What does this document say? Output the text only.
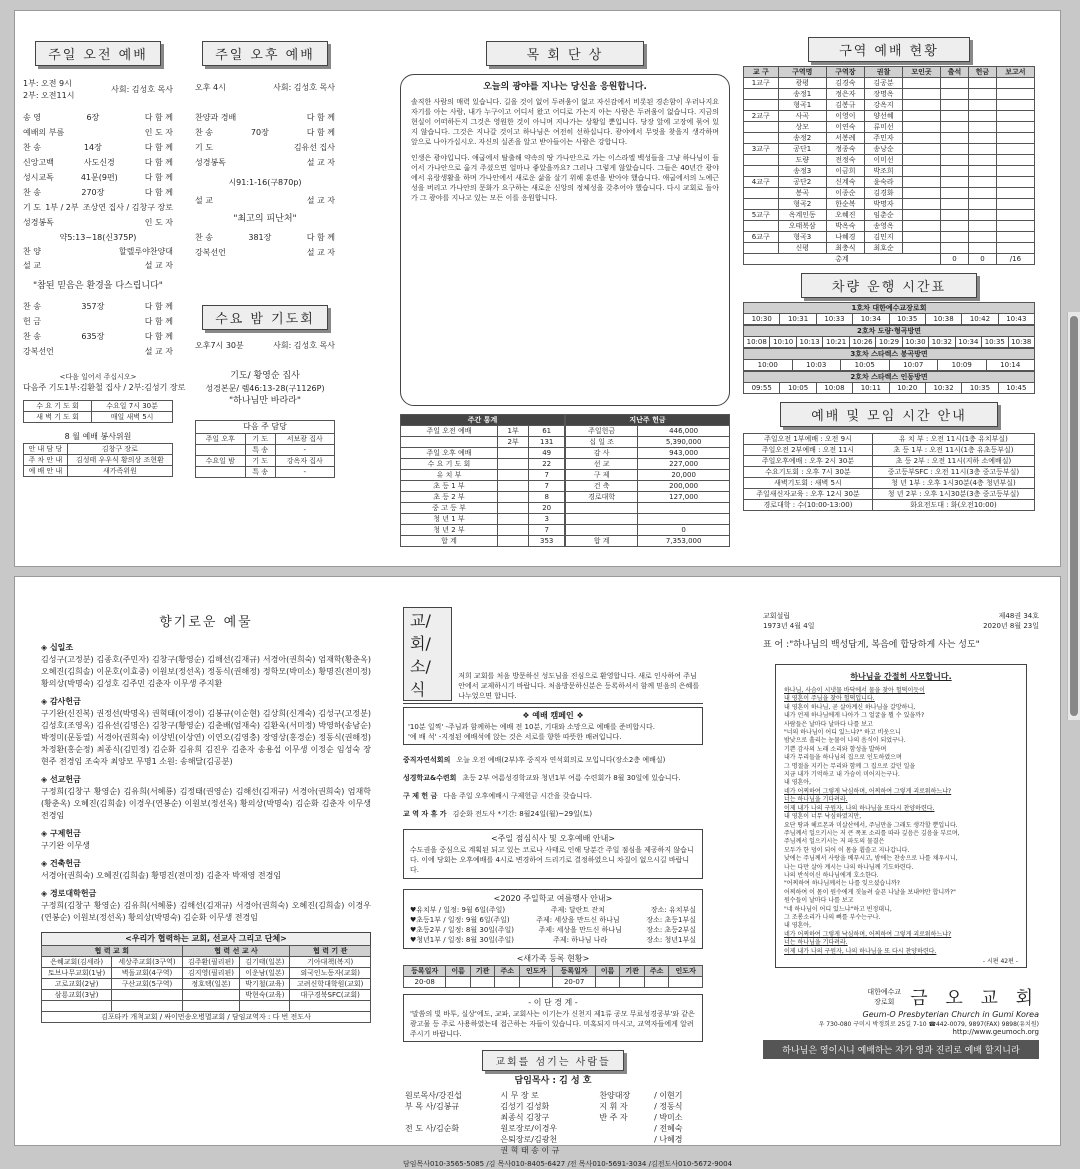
주일 오전 예배
1부: 오전 9시
2부: 오전11시
사회: 김성호 목사
송 영	6장	다 함 께
예배의 부름	인 도 자
찬 송	14장	다 함 께
신앙고백	사도신경	다 함 께
성시교독	41문(9편)	다 함 께
찬 송	270장	다 함 께
기 도 1부 / 2부 조상연 집사 / 김창구 장로
성경봉독	인 도 자
약5:13~18(신375P)
찬 양	할렐루야찬양대
설 교	설 교 자
"참된 믿음은 환경을 다스립니다"
찬 송	357장	다 함 께
헌 금	다 함 께
찬 송	635장	다 함 께
강복선언	설 교 자
<다음 일어서 주십시오>
다음주 기도 1부:김환철 집사 / 2부:김성기 장로
수 요 기 도 회	수요일 7시 30분
새 벽 기 도 회	매일 새벽 5시
8 월 예배 봉사위원
안 내 담 당	김창구 장로
주 차 안 내	김성태 우우식 황의상 조현환
예 배 안 내	새가족위원
주일 오후 예배
오후 4시	사회: 김성호 목사
찬양과 경배	다 함 께
찬 송	70장	다 함 께
기 도	김유선 집사
성경봉독	설 교 자
시91:1-16(구870p)
설 교	설 교 자
"최고의 피난처"
찬 송	381장	다 함 께
강복선언	설 교 자
수요 밤 기도회
오후7시 30분	사회: 김성호 목사
기도/ 황영순 집사
성경본문/ 렘46:13-28(구1126P)
"하나님만 바라라"
다음 주 담당
주일 오후	기 도	서보광 집사
	특 송	-
수요일 밤	기 도	강옥자 집사
	특 송	-
목 회 단 상
오늘의 광야를 지나는 당신을 응원합니다.
솔직한 사람의 매력 있습니다. 길을 것이 없어 두려움이 없고 자신감에서 비롯된 경손함이 우러나지요 자기를 아는 사람, 내가 누구이고 어디서 왔고 어디로 가는지 아는 사람은 두려움이 없습니다. 지금의 현실이 어떠하든지 그것은 영원한 것이 아니며 지나가는 상황일 뿐입니다. 당장 앞에 고장에 묶여 있지 않습니다. 그것은 지나갈 것이고 하나님은 여전히 선하십니다. 광야에서 무엇을 찾을지 생각하며 앞으로 나아가십시오. 자신의 실존을 알고 받아들이는 사람은 강합니다.
인생은 광야입니다. 애굽에서 탈출해 약속의 땅 가나안으로 가는 이스라엘 백성들을 그냥 하나님이 들어서 가나안으로 옮겨 주셨으면 얼마나 좋았을까요? 그러나 그렇게 않았습니다. 그들은 40년간 광야에서 유랑생활을 하며 가나안에서 새로운 삶을 살기 위해 훈련을 받아야 했습니다. 애굽에서의 노예근성을 버리고 가나안의 문화가 요구하는 새로운 신앙의 정체성을 갖추어야 했습니다. 다시 교회로 돌아가 그 광야를 지나고 있는 모든 이를 응원합니다.
주간 통계		
주일 오전 예배	1부	61
	2부	131
주일 오후 예배		49
수 요 기 도 회		22
유 치 부		7
초 등 1 부		7
초 등 2 부		8
중 고 등 부		20
청 년 1 부		3
청 년 2 부		7
합 계		353
지난주 헌금	
주일헌금	446,000
십 일 조	5,390,000
감 사	943,000
선 교	227,000
구 제	20,000
건 축	200,000
경로대학	127,000

	0
합 계	7,353,000
구역 예배 현황
교 구	구역명	구역장	권찰	모인곳	출석	헌금	보고서
1교구	광평	김경숙	김공분				
	송정1	정은자	장명옥				
	형곡1	김봉규	강옥지				
2교구	사곡	이영이	양선혜				
	상모	이연숙	류미선				
	송정2	서봉례	주민자				
3교구	공단1	정종숙	송낭순				
	도량	전정숙	이미선				
	송정3	이금희	박조희				
4교구	공단2	신계숙	윤숙라				
	봉곡	이종순	김경화				
	형곡2	한순복	박명자				
5교구	옥계인동	오혜진	임춘순				
	오태북삼	박옥숙	송영옥				
6교구	형곡3	나혜경	김민지				
	신평	최충식	최호순				
총계					0	0	/16
차량 운행 시간표
1호차 대한예수교장로회
10:30	10:31	10:33	10:34	10:35	10:38	10:42	10:43
2호차 도량·형곡방면
10:08	10:10	10:13	10:21	10:26	10:29	10:30	10:32	10:34	10:35	10:38
3호차 스타렉스 봉곡방면
10:00	10:03	10:05	10:07	10:09	10:14
2호차 스타렉스 인동방면
09:55	10:05	10:08	10:11	10:20	10:32	10:35	10:45
예배 및 모임 시간 안내
주일오전 1부예배 : 오전 9시	유 치 부 : 오전 11시(1층 유치부실)
주일오전 2부예배 : 오전 11시	초 등 1부 : 오전 11시(1층 유초등부실)
주일오후예배 : 오후 2시 30분	초 등 2부 : 오전 11시(지하 소예배실)
수요기도회 : 오후 7시 30분	중고등부SFC : 오전 11시(3층 중고등부실)
새벽기도회 : 새벽 5시	청 년 1부 : 오후 1시30분(4층 청년부실)
주일새신자교육 : 오후 12시 30분	청 년 2부 : 오후 1시30분(3층 중고등부실)
경로대학 : 수(10:00-13:00)	화요전도대 : 화(오전10:00)
향기로운 예물
◈ 십일조
김성구(고정분) 김종호(주민자) 김창구(황영순) 김해선(김재규) 서경아(권희숙) 엄재학(황춘옥) 오혜진(김희솔) 이문호(이효중) 이원보(정선옥) 정동식(권해정) 정학모(박미소) 황명진(전미정) 황의상(박명숙) 김성호 김주민 김춘자 이무생 주지환
◈ 감사헌금
구기완(신진복) 권정선(박명옥) 권혁태(이경이) 김봉규(이순현) 김상희(신계숙) 김성구(고정분) 김성호(조영옥) 김유선(김명은) 김창구(황영순) 김춘배(엄재숙) 김환욱(서미정) 박영하(송남순) 박정미(문동열) 서경아(권희숙) 이상빈(이상연) 이연오(김영충) 장영상(홍경순) 정동식(권해정) 차정환(홍순정) 최종식(김민정) 김순화 김유희 김진우 김춘자 송용섭 이무생 이정순 임성숙 장현주 전경임 조숙자 최양모 무명1 소원: 송해달(김공분)
◈ 선교헌금
구정희(김창구 황영순) 김유희(서혜룡) 김정태(권영순) 김해선(김재규) 서경아(권희숙) 엄재학(황춘옥) 오혜진(김희솔) 이경우(연봉순) 이원보(정선옥) 황의상(박명숙) 김순화 김춘자 이무생 전경임
◈ 구제헌금
구기완 이무생
◈ 건축헌금
서경아(권희숙) 오혜진(김희솔) 황명진(전미정) 김춘자 박재영 전경임
◈ 경로대학헌금
구정희(김창구 황영순) 김유희(서혜룡) 김해선(김재규) 서경아(권희숙) 오혜진(김희솔) 이경우(연봉순) 이원보(정선옥) 황의상(박명숙) 김순화 이무생 전경임
<우리가 협력하는 교회, 선교사 그리고 단체>
협 력 교 회		협 력 선 교 사		협 력 기 관
은혜교회(김세라)	세상주교회(3구역)	김주환(필리핀)	김기태(일본)	기아대책(복지)
토브나무교회(1남)	벽돌교회(4구역)	김지영(필리핀)	이운남(일본)	외국인노동자(교회)
고로교회(2남)	구산교회(5구역)	정호택(일본)	박기철(교육)	고려신학대학원(교회)
삼룡교회(3남)			박현숙(교육)	대구경북SFC(교회)

김포타카 개척교회 / 싸이먼송오병멸교회 / 담임교역자 : 다 번 전도사				
교/회/소/식
저희 교회를 처음 방문하신 성도님을 진심으로 환영합니다. 새로 인사하여 주님 안에서 교제하시기 바랍니다. 처음방문하신분은 등록하셔서 함께 믿음의 은혜를 나누었으면 합니다.
❖ 예배 캠페인 ❖
'10분 일찍' -주님과 함께하는 예배 전 10분, 기대와 소망으로 예배를 준비합시다.
'예 배 석' -지정된 예배석에 앉는 것은 서로를 향한 따뜻한 배려입니다.
중직자연석회의 오늘 오전 예배(2부)후 중직자 연석회의로 모입니다(장소2층 예배실)
성경학교&수련회 초등 2부 여름성경학교와 청년1부 여름 수련회가 8월 30일에 있습니다.
구 제 헌 금 다음 주일 오후예배시 구제헌금 시간을 갖습니다.
교 역 자 휴 가 김순화 전도사 *기간: 8월24일(월)~29일(토)
<주일 점심식사 및 오후예배 안내>
수도권을 중심으로 계획된 되고 있는 코로나 사태로 인해 당분간 주일 점심을 제공하지 않습니다. 이에 당회는 오후예배를 4시로 변경하여 드리기로 결정하였으니 차질이 없으시길 바랍니다.
<2020 주일학교 여름행사 안내>
♥유치부 / 일정: 9월 6일(주일)	주제: 달란트 잔치	장소: 유치부실
♥초등1부 / 일정: 9월 6일(주일)	주제: 세상을 만드신 하나님	장소: 초등1부실
♥초등2부 / 일정: 8월 30일(주일)	주제: 세상을 만드신 하나님	장소: 초등2부실
♥청년1부 / 일정: 8월 30일(주일)	주제: 하나님 나라	장소: 청년1부실
<새가족 등록 현황>
등록일자	이름	기관	주소	인도자	등록일자	이름	기관	주소	인도자
20-08					20-07				
- 이 단 경 계 -
'말씀의 빛 바투, 실상'에도, 교파, 교회사는 이기는가 신천지 제1류 공모 무료성경공부'와 같은 광고물 등 주로 사용하였는데 접근하는 자들이 있습니다. 미혹되지 마시고, 교역자들에게 알려주시기 바랍니다.
교회를 섬기는 사람들
담임목사 : 김 성 호
원로목사/강진섭	시 무 장 로	찬양대장	/ 이현기
부 목 사/김봉규	김성기 김성화	지 휘 자	/ 정동식
	최종식 김창구	반 주 자	/ 박미소
전 도 사/김순화	원로장로/이경우		/ 전혜숙
	은퇴장로/김광천		/ 나혜경
	권 혁 태 송 이 규		
담임목사010-3565-5085 /김 목사010-8405-6427 /전 목사010-5691-3034 /김전도사010-5672-9004
교회설립
1973년 4월 4일
제48권 34호
2020년 8월 23일
표 어 :"하나님의 백성답게, 복음에 합당하게 사는 성도"
하나님을 간절히 사모합니다.
하나님, 사슴이 시냇물 바닥에서 물을 찾아 헐떡이듯이
내 영혼이 주님을 찾아 헐떡입니다.
내 영혼이 하나님, 곧 살아계신 하나님을 갈망하니,
내가 언제 하나님에게 나아가 그 얼굴을 뵐 수 있을까?
사람들은 날마다 날마다 나를 보고
"너의 하나님이 어디 있느냐?" 하고 비웃으니
밤낮으로 흘리는 눈물이 나의 음식이 되었구나.
기쁜 감사의 노래 소리와 함성을 발하며
내가 무리들을 하나님의 집으로 인도하였으며
그 명절을 지키는 무리와 함께 그 집으로 갔던 일을
지금 내가 기억하고 내 가슴이 미어지는구나.
내 영혼아,
네가 어찌하여 그렇게 낙심하며, 어찌하여 그렇게 괴로워하느냐?
너는 하나님을 기다려라.
이제 내가 나의 구원자, 나의 하나님을 또다시 찬양하련다.
내 영혼이 너무 낙심하였지만,
요단 땅과 헤르몬과 미살산에서, 주님만을 그래도 생각할 뿐입니다.
주님께서 일으키시는 저 큰 폭포 소리를 따라 깊음은 깊음을 부르며,
주님께서 일으키시는 저 파도의 물결은
모두가 한 덩이 되어 이 몸을 휩쓸고 지나갑니다.
낮에는 주님께서 사랑을 베푸시고, 밤에는 찬송으로 나를 채우시니,
나는 다만 살아 계시는 나의 하나님께 기도하련다.
나의 반석이신 하나님에게 호소한다.
"어찌하여 하나님께서는 나를 잊으셨습니까?
어찌하여 이 몸이 원수에게 짓눌려 슬픈 나날을 보내야만 합니까?"
원수들이 날마다 나를 보고
"네 하나님이 어디 있느냐"하고 빈정대니,
그 조롱소리가 나의 뼈를 부수는구나.
내 영혼아,
네가 어찌하여 그렇게 낙심하며, 어찌하여 그렇게 괴로워하느냐?
너는 하나님을 기다려라.
이제 내가 나의 구원자, 나의 하나님을 또 다시 찬양하련다.
- 시편 42편 -
대한예수교 장로회 금 오 교 회
Geum-O Presbyterian Church in Gumi Korea
우 730-080 구미시 박정희로 25길 7-10 ☎442-0079, 9897(FAX) 9898(유치원)
http://www.geumoch.org
하나님은 영이시니 예배하는 자가 영과 진리로 예배 할지니라
